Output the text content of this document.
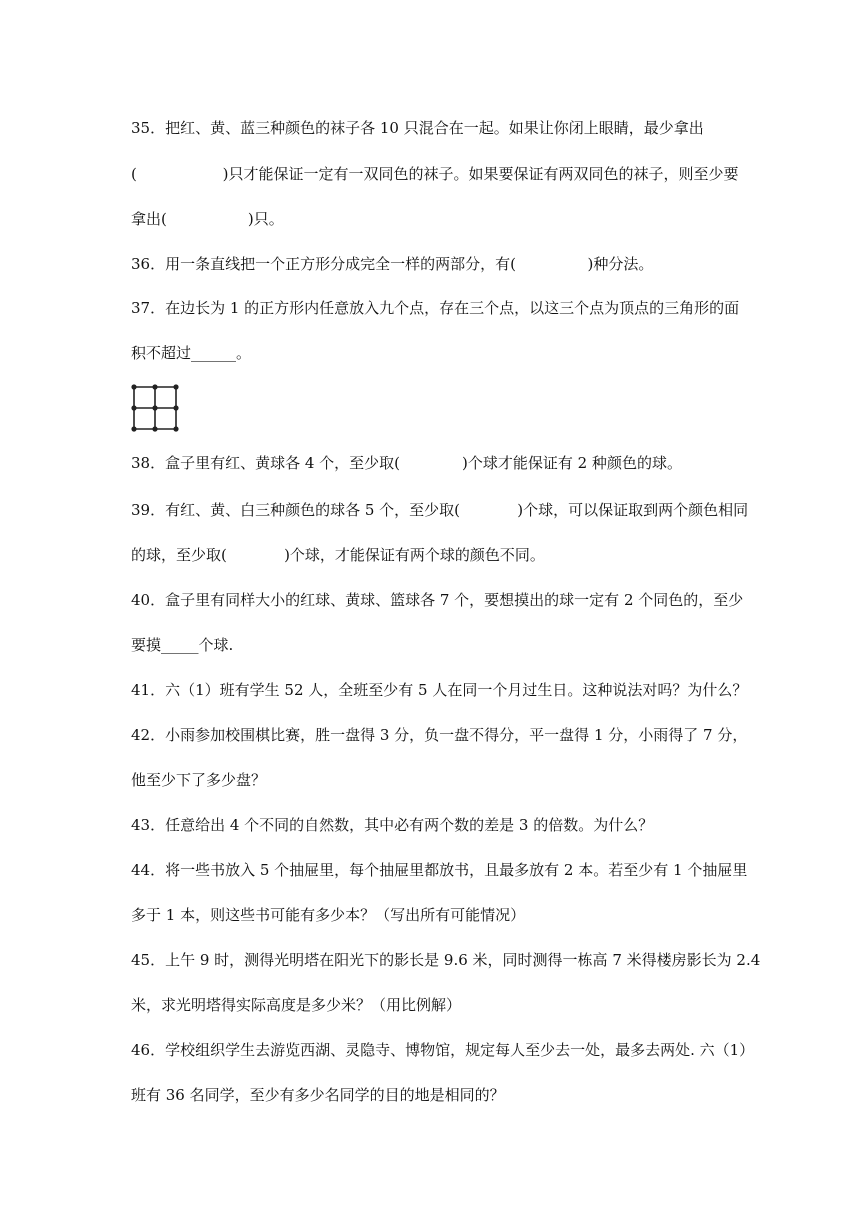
35．把红、黄、蓝三种颜色的袜子各 10 只混合在一起。如果让你闭上眼睛，最少拿出
(                  )只才能保证一定有一双同色的袜子。如果要保证有两双同色的袜子，则至少要
拿出(                 )只。
36．用一条直线把一个正方形分成完全一样的两部分，有(               )种分法。
37．在边长为 1 的正方形内任意放入九个点，存在三个点，以这三个点为顶点的三角形的面
积不超过______。
38．盒子里有红、黄球各 4 个，至少取(             )个球才能保证有 2 种颜色的球。
39．有红、黄、白三种颜色的球各 5 个，至少取(            )个球，可以保证取到两个颜色相同
的球，至少取(            )个球，才能保证有两个球的颜色不同。
40．盒子里有同样大小的红球、黄球、篮球各 7 个，要想摸出的球一定有 2 个同色的，至少
要摸_____个球.
41．六（1）班有学生 52 人，全班至少有 5 人在同一个月过生日。这种说法对吗？为什么？
42．小雨参加校围棋比赛，胜一盘得 3 分，负一盘不得分，平一盘得 1 分，小雨得了 7 分，
他至少下了多少盘？
43．任意给出 4 个不同的自然数，其中必有两个数的差是 3 的倍数。为什么？
44．将一些书放入 5 个抽屉里，每个抽屉里都放书，且最多放有 2 本。若至少有 1 个抽屉里
多于 1 本，则这些书可能有多少本？（写出所有可能情况）
45．上午 9 时，测得光明塔在阳光下的影长是 9.6 米，同时测得一栋高 7 米得楼房影长为 2.4
米，求光明塔得实际高度是多少米？（用比例解）
46．学校组织学生去游览西湖、灵隐寺、博物馆，规定每人至少去一处，最多去两处. 六（1）
班有 36 名同学，至少有多少名同学的目的地是相同的？
